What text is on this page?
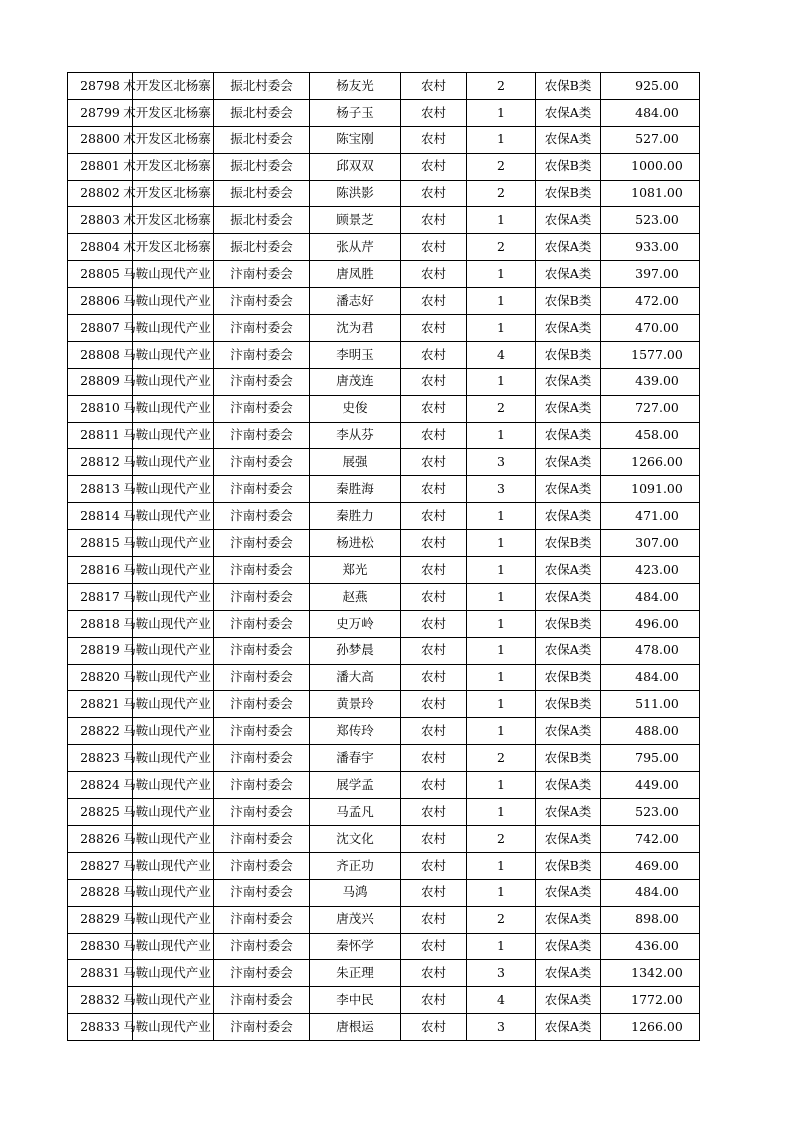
28798	术开发区北杨寨	振北村委会	杨友光	农村	2	农保B类	925.00
28799	术开发区北杨寨	振北村委会	杨子玉	农村	1	农保A类	484.00
28800	术开发区北杨寨	振北村委会	陈宝刚	农村	1	农保A类	527.00
28801	术开发区北杨寨	振北村委会	邱双双	农村	2	农保B类	1000.00
28802	术开发区北杨寨	振北村委会	陈洪影	农村	2	农保B类	1081.00
28803	术开发区北杨寨	振北村委会	顾景芝	农村	1	农保A类	523.00
28804	术开发区北杨寨	振北村委会	张从芹	农村	2	农保A类	933.00
28805	马鞍山现代产业	汴南村委会	唐凤胜	农村	1	农保A类	397.00
28806	马鞍山现代产业	汴南村委会	潘志好	农村	1	农保B类	472.00
28807	马鞍山现代产业	汴南村委会	沈为君	农村	1	农保A类	470.00
28808	马鞍山现代产业	汴南村委会	李明玉	农村	4	农保B类	1577.00
28809	马鞍山现代产业	汴南村委会	唐茂连	农村	1	农保A类	439.00
28810	马鞍山现代产业	汴南村委会	史俊	农村	2	农保A类	727.00
28811	马鞍山现代产业	汴南村委会	李从芬	农村	1	农保A类	458.00
28812	马鞍山现代产业	汴南村委会	展强	农村	3	农保A类	1266.00
28813	马鞍山现代产业	汴南村委会	秦胜海	农村	3	农保A类	1091.00
28814	马鞍山现代产业	汴南村委会	秦胜力	农村	1	农保A类	471.00
28815	马鞍山现代产业	汴南村委会	杨进松	农村	1	农保B类	307.00
28816	马鞍山现代产业	汴南村委会	郑光	农村	1	农保A类	423.00
28817	马鞍山现代产业	汴南村委会	赵燕	农村	1	农保A类	484.00
28818	马鞍山现代产业	汴南村委会	史万岭	农村	1	农保B类	496.00
28819	马鞍山现代产业	汴南村委会	孙梦晨	农村	1	农保A类	478.00
28820	马鞍山现代产业	汴南村委会	潘大高	农村	1	农保B类	484.00
28821	马鞍山现代产业	汴南村委会	黄景玲	农村	1	农保B类	511.00
28822	马鞍山现代产业	汴南村委会	郑传玲	农村	1	农保A类	488.00
28823	马鞍山现代产业	汴南村委会	潘春宇	农村	2	农保B类	795.00
28824	马鞍山现代产业	汴南村委会	展学孟	农村	1	农保A类	449.00
28825	马鞍山现代产业	汴南村委会	马孟凡	农村	1	农保A类	523.00
28826	马鞍山现代产业	汴南村委会	沈文化	农村	2	农保A类	742.00
28827	马鞍山现代产业	汴南村委会	齐正功	农村	1	农保B类	469.00
28828	马鞍山现代产业	汴南村委会	马鸿	农村	1	农保A类	484.00
28829	马鞍山现代产业	汴南村委会	唐茂兴	农村	2	农保A类	898.00
28830	马鞍山现代产业	汴南村委会	秦怀学	农村	1	农保A类	436.00
28831	马鞍山现代产业	汴南村委会	朱正理	农村	3	农保A类	1342.00
28832	马鞍山现代产业	汴南村委会	李中民	农村	4	农保A类	1772.00
28833	马鞍山现代产业	汴南村委会	唐根运	农村	3	农保A类	1266.00
